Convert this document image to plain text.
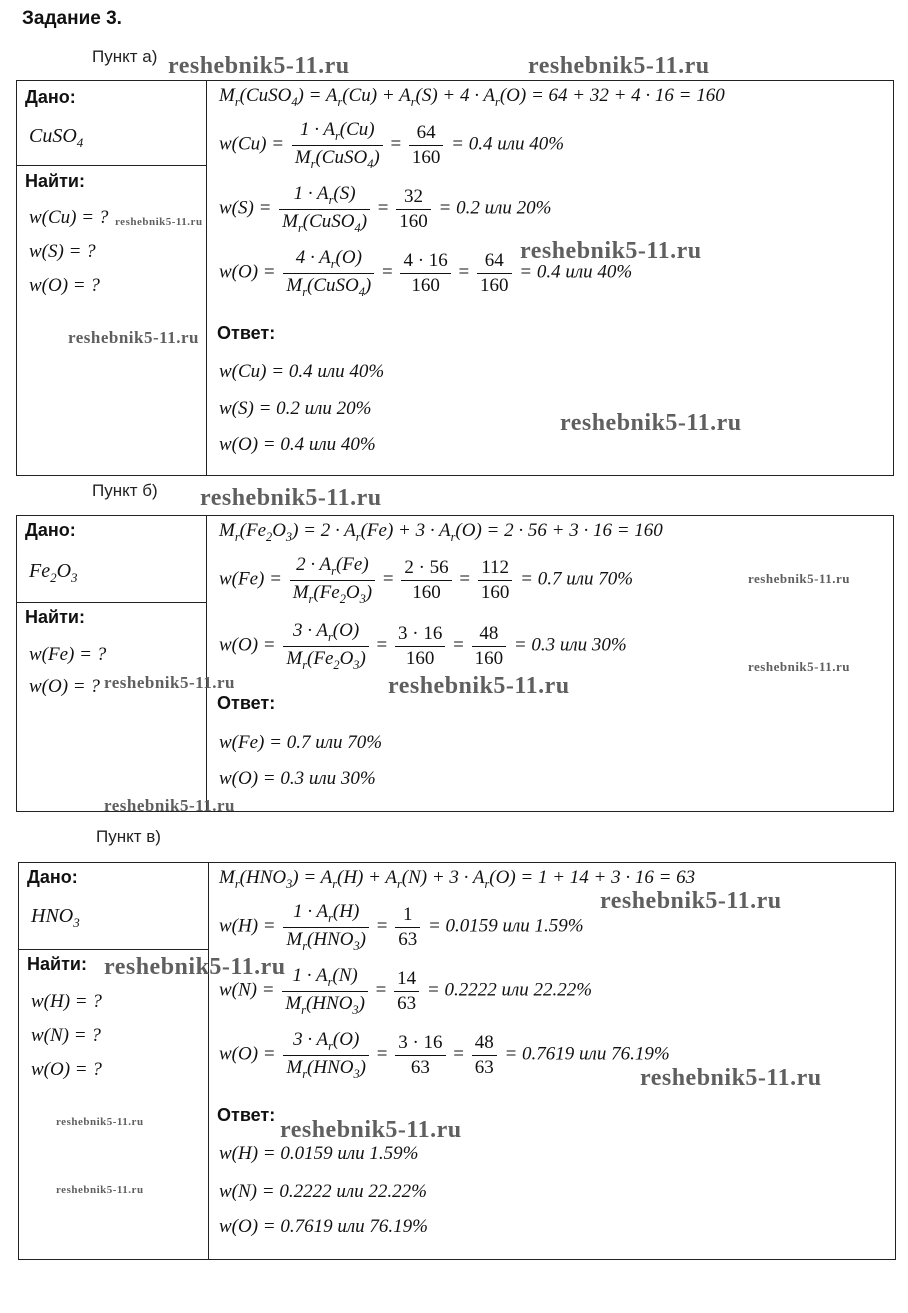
Задание 3.
Пункт а)
Дано:
CuSO$_4$
Найти:
w(Cu) = ?
w(S) = ?
w(O) = ?
$M_r(CuSO_4) = A_r(Cu) + A_r(S) + 4 \cdot A_r(O) = 64 + 32 + 4 \cdot 16 = 160$
$w(Cu) = \frac{1 \cdot A_r(Cu)}{M_r(CuSO_4)} = \frac{64}{160} = 0.4$ или 40%
$w(S) = \frac{1 \cdot A_r(S)}{M_r(CuSO_4)} = \frac{32}{160} = 0.2$ или 20%
$w(O) = \frac{4 \cdot A_r(O)}{M_r(CuSO_4)} = \frac{4 \cdot 16}{160} = \frac{64}{160} = 0.4$ или 40%
Ответ:
w(Cu) = 0.4 или 40%
w(S) = 0.2 или 20%
w(O) = 0.4 или 40%
Пункт б)
Дано:
$Fe_2O_3$
Найти:
w(Fe) = ?
w(O) = ?
$M_r(Fe_2O_3) = 2 \cdot A_r(Fe) + 3 \cdot A_r(O) = 2 \cdot 56 + 3 \cdot 16 = 160$
$w(Fe) = \frac{2 \cdot A_r(Fe)}{M_r(Fe_2O_3)} = \frac{2 \cdot 56}{160} = \frac{112}{160} = 0.7$ или 70%
$w(O) = \frac{3 \cdot A_r(O)}{M_r(Fe_2O_3)} = \frac{3 \cdot 16}{160} = \frac{48}{160} = 0.3$ или 30%
Ответ:
w(Fe) = 0.7 или 70%
w(O) = 0.3 или 30%
Пункт в)
Дано:
$HNO_3$
Найти:
w(H) = ?
w(N) = ?
w(O) = ?
$M_r(HNO_3) = A_r(H) + A_r(N) + 3 \cdot A_r(O) = 1 + 14 + 3 \cdot 16 = 63$
$w(H) = \frac{1 \cdot A_r(H)}{M_r(HNO_3)} = \frac{1}{63} = 0.0159$ или 1.59%
$w(N) = \frac{1 \cdot A_r(N)}{M_r(HNO_3)} = \frac{14}{63} = 0.2222$ или 22.22%
$w(O) = \frac{3 \cdot A_r(O)}{M_r(HNO_3)} = \frac{3 \cdot 16}{63} = \frac{48}{63} = 0.7619$ или 76.19%
Ответ:
w(H) = 0.0159 или 1.59%
w(N) = 0.2222 или 22.22%
w(O) = 0.7619 или 76.19%
reshebnik5-11.ru	reshebnik5-11.ru
reshebnik5-11.ru
reshebnik5-11.ru
reshebnik5-11.ru
reshebnik5-11.ru
reshebnik5-11.ru
reshebnik5-11.ru
reshebnik5-11.ru
reshebnik5-11.ru	reshebnik5-11.ru
reshebnik5-11.ru
reshebnik5-11.ru
reshebnik5-11.ru
reshebnik5-11.ru
reshebnik5-11.ru	reshebnik5-11.ru
reshebnik5-11.ru
